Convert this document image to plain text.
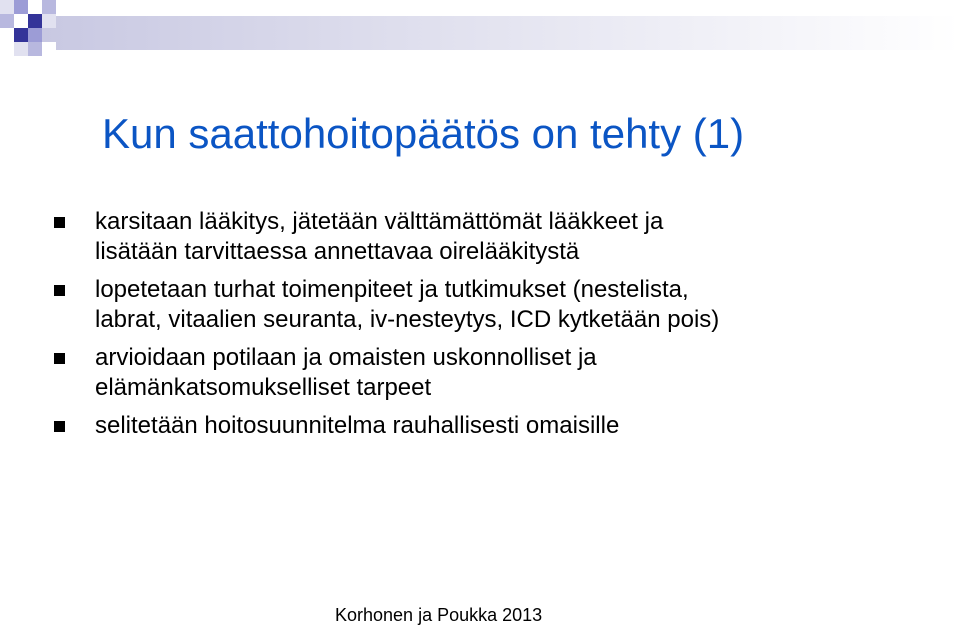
Kun saattohoitopäätös on tehty (1)
karsitaan lääkitys, jätetään välttämättömät lääkkeet ja
lisätään tarvittaessa annettavaa oirelääkitystä
lopetetaan turhat toimenpiteet ja tutkimukset (nestelista,
labrat, vitaalien seuranta, iv-nesteytys, ICD kytketään pois)
arvioidaan potilaan ja omaisten uskonnolliset ja
elämänkatsomukselliset tarpeet
selitetään hoitosuunnitelma rauhallisesti omaisille
Korhonen ja Poukka 2013
